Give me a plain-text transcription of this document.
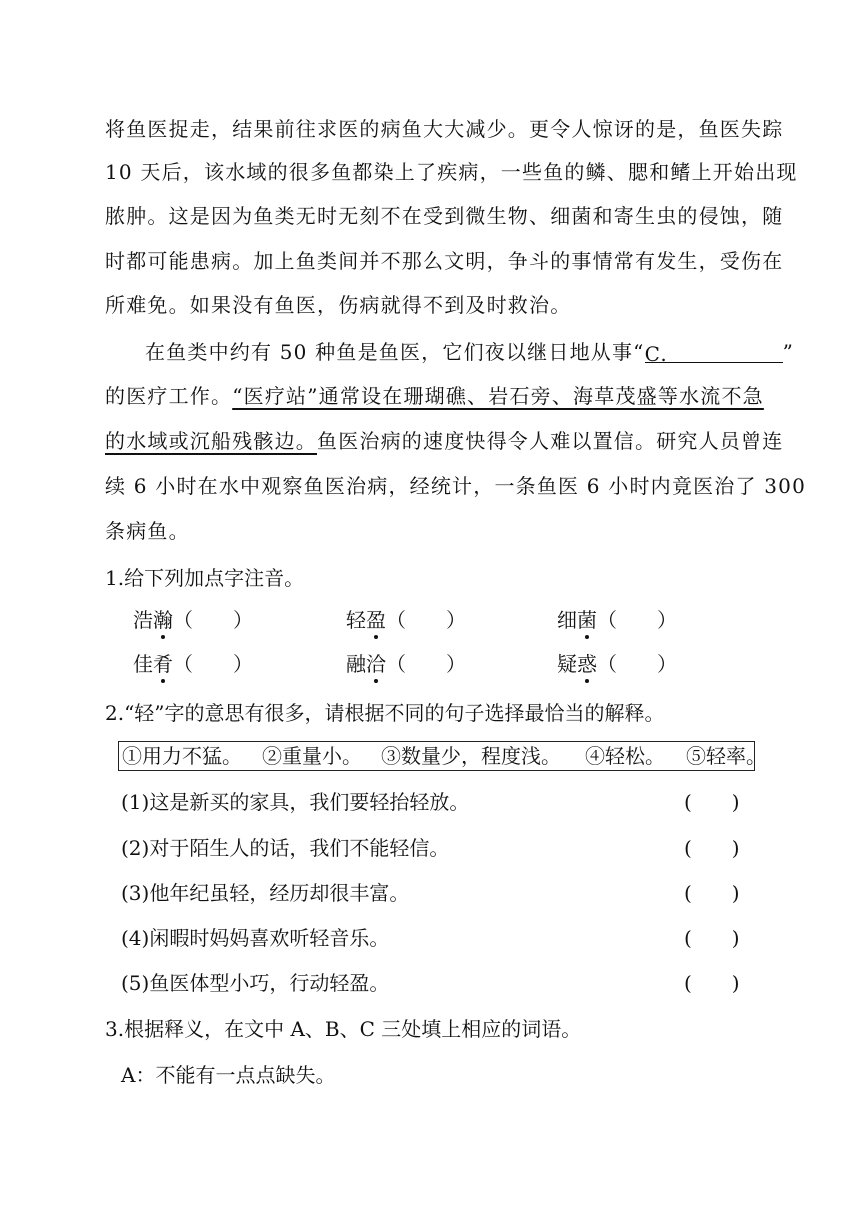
将鱼医捉走，结果前往求医的病鱼大大减少。更令人惊讶的是，鱼医失踪
10 天后，该水域的很多鱼都染上了疾病，一些鱼的鳞、腮和鳍上开始出现
脓肿。这是因为鱼类无时无刻不在受到微生物、细菌和寄生虫的侵蚀，随
时都可能患病。加上鱼类间并不那么文明，争斗的事情常有发生，受伤在
所难免。如果没有鱼医，伤病就得不到及时救治。
在鱼类中约有 50 种鱼是鱼医，它们夜以继日地从事“C.	”
的医疗工作。“医疗站”通常设在珊瑚礁、岩石旁、海草茂盛等水流不急
的水域或沉船残骸边。鱼医治病的速度快得令人难以置信。研究人员曾连
续 6 小时在水中观察鱼医治病，经统计，一条鱼医 6 小时内竟医治了 300
条病鱼。
1.给下列加点字注音。
浩瀚（　　）	轻盈（　　）	细菌（　　）
佳肴（　　）	融洽（　　）	疑惑（　　）
2.“轻”字的意思有很多，请根据不同的句子选择最恰当的解释。
①用力不猛。 ②重量小。 ③数量少，程度浅。 ④轻松。 ⑤轻率。
(1)这是新买的家具，我们要轻抬轻放。	(　　)
(2)对于陌生人的话，我们不能轻信。	(　　)
(3)他年纪虽轻，经历却很丰富。	(　　)
(4)闲暇时妈妈喜欢听轻音乐。	(　　)
(5)鱼医体型小巧，行动轻盈。	(　　)
3.根据释义，在文中 A、B、C 三处填上相应的词语。
A：不能有一点点缺失。
